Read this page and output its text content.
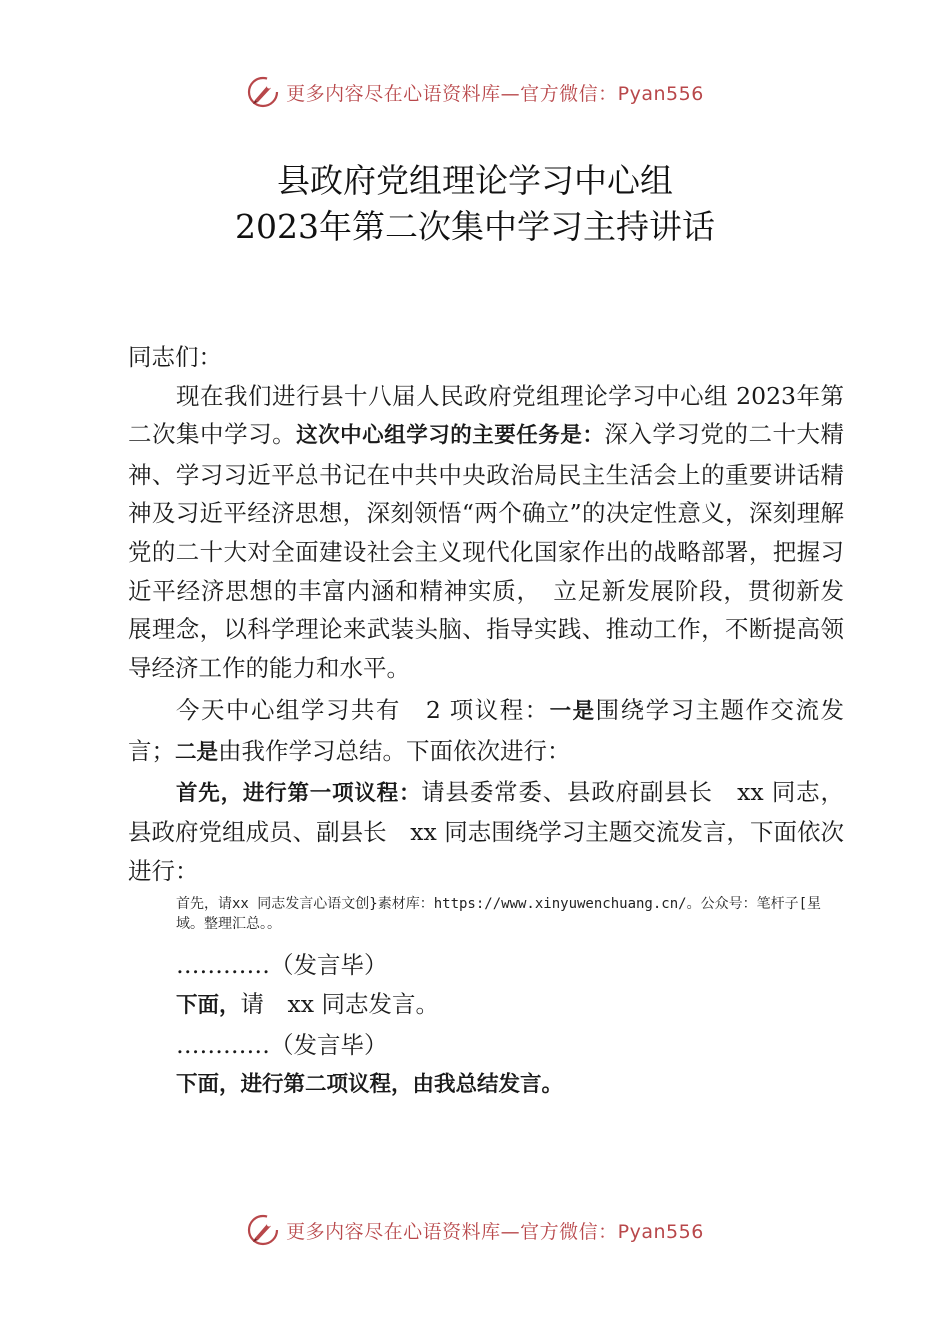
更多内容尽在心语资料库—官方微信：Pyan556
县政府党组理论学习中心组
2023年第二次集中学习主持讲话

同志们：

现在我们进行县十八届人民政府党组理论学习中心组 2023年第二次集中学习。这次中心组学习的主要任务是：深入学习党的二十大精神、学习习近平总书记在中共中央政治局民主生活会上的重要讲话精神及习近平经济思想，深刻领悟“两个确立”的决定性意义，深刻理解党的二十大对全面建设社会主义现代化国家作出的战略部署，把握习近平经济思想的丰富内涵和精神实质，　立足新发展阶段，贯彻新发展理念，以科学理论来武装头脑、指导实践、推动工作，不断提高领导经济工作的能力和水平。

今天中心组学习共有　2 项议程：一是围绕学习主题作交流发言；二是由我作学习总结。下面依次进行：

首先，进行第一项议程：请县委常委、县政府副县长　xx 同志，县政府党组成员、副县长　xx 同志围绕学习主题交流发言，下面依次进行：

首先，请xx 同志发言心语文创}素材库：https://www.xinyuwenchuang.cn/。公众号：笔杆子[星域。整理汇总。。

…………（发言毕）

下面，请　xx 同志发言。

…………（发言毕）

下面，进行第二项议程，由我总结发言。

更多内容尽在心语资料库—官方微信：Pyan556
